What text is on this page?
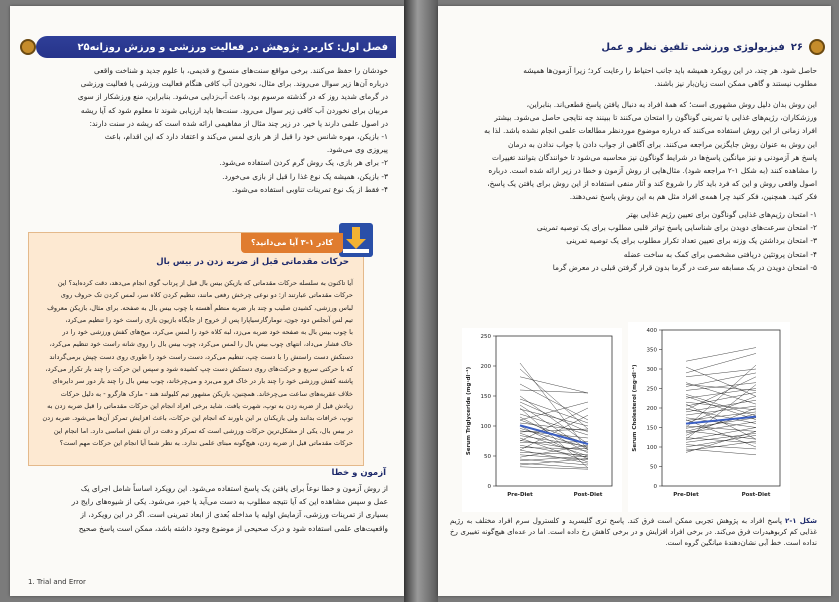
فصل اول: کاربرد پژوهش در فعالیت ورزشی و ورزش روزانه
۲۵
خودشان را حفظ می‌کنند. برخی مواقع سنت‌های منسوخ و قدیمی، با علوم جدید و شناخت واقعی
درباره آن‌ها زیر سوال می‌روند. برای مثال، نخوردن آب کافی هنگام فعالیت ورزشی یا فعالیت ورزشی
در گرمای شدید روز که در گذشته مرسوم بود، باعث آب‌زدایی می‌شود. بنابراین، منع ورزشکار از سوی
مربیان برای نخوردن آب کافی زیر سوال می‌رود. سنت‌ها باید ارزیابی شوند تا معلوم شود که آیا ریشه
در اصول علمی دارند یا خیر. در زیر چند مثال از مفاهیمی ارائه شده است که ریشه در سنت دارند:
۱- بازیکن، مهره شانس خود را قبل از هر بازی لمس می‌کند و اعتقاد دارد که این اقدام، باعث
پیروزی وی می‌شود.
۲- برای هر بازی، یک روش گرم کردن استفاده می‌شود.
۳- بازیکن، همیشه یک نوع غذا را قبل از بازی می‌خورد.
۴- فقط از یک نوع تمرینات تناوبی استفاده می‌شود.
کادر ۱-۳ آیا می‌دانید؟
حرکات مقدماتی قبل از ضربه زدن در بیس بال
آیا تاکنون به سلسله حرکات مقدماتی که بازیکن بیس بال قبل از پرتاب گوی انجام می‌دهد، دقت کرده‌اید؟ این
حرکات مقدماتی عبارتند از: دو نوعی چرخش رفعی مانند، تنظیم کردن کلاه سر، لمس کردن تک حروف روی
لباس ورزشی، کشیدن صلیب و چند بار ضربه منظم آهسته با چوب بیس بال به صفحه. برای مثال، بازیکن معروف
تیم لس آنجلس دود جون، نومارگارسیاپارا پس از خروج از جایگاه بازیون بازی راست خود را تنظیم می‌کرد،
با چوب بیس بال به صفحه خود ضربه می‌زد، لبه کلاه خود را لمس می‌کرد، میخ‌های کفش ورزشی خود را در
خاک فشار می‌داد، انتهای چوب بیس بال را لمس می‌کرد، چوب بیس بال را روی شانه راست خود تنظیم می‌کرد،
دستکش دست راستش را با دست چپ، تنظیم می‌کرد، دست راست خود را طوری روی دست چپش برمی‌گرداند
که با حرکتی سریع و حرکت‌های روی دستکش دست چپ کشیده شود و سپس این حرکت را چند بار تکرار می‌کرد،
پاشنه کفش ورزشی خود را چند بار در خاک فرو می‌برد و می‌چرخاند، چوب بیس بال را چند بار دور سر دایره‌ای
خلاف عقربه‌های ساعت می‌چرخاند. همچنین، بازیکن مشهور تیم کلیولند هند - مارک هارگرو - به دلیل حرکات
زیادش قبل از ضربه زدن به توپ، شهرت یافت. شاید برخی افراد انجام این حرکات مقدماتی را قبل ضربه زدن به
توپ، خرافات بدانند ولی بازیکنان بر این باورند که انجام این حرکات، باعث افزایش تمرکز آن‌ها می‌شود. ضربه زدن
در بیس بال، یکی از مشکل‌ترین حرکات ورزشی است که تمرکز و دقت در آن نقش اساسی دارد. اما انجام این
حرکات مقدماتی قبل از ضربه زدن، هیچ‌گونه مبنای علمی ندارد. به نظر شما آیا انجام این حرکات مهم است؟
آزمون و خطا
از روش آزمون و خطا نوعاً برای یافتن یک پاسخ استفاده می‌شود. این رویکرد اساساً شامل اجرای یک
عمل و سپس مشاهده این که آیا نتیجه مطلوب به دست می‌آید یا خیر، می‌شود. یکی از شیوه‌های رایج در
بسیاری از تمرینات ورزشی، آزمایش اولیه یا مداخله بُعدی از ابعاد تمرینی است. اگر در این رویکرد، از
واقعیت‌های علمی استفاده شود و درک صحیحی از موضوع وجود داشته باشد، ممکن است پاسخ صحیح
1. Trial and Error
۲۶
فیزیولوژی ورزشی تلفیق نظر و عمل
حاصل شود. هر چند، در این رویکرد همیشه باید جانب احتیاط را رعایت کرد؛ زیرا آزمون‌ها همیشه
مطلوب نیستند و گاهی ممکن است زیان‌بار نیز باشند.
این روش بدان دلیل روش مشهوری است؛ که همهٔ افراد به دنبال یافتن پاسخ قطعی‌اند. بنابراین،
ورزشکاران، رژیم‌های غذایی یا تمرینی گوناگون را امتحان می‌کنند تا ببینند چه نتایجی حاصل می‌شود. بیشتر
افراد زمانی از این روش استفاده می‌کنند که درباره موضوع موردنظر مطالعات علمی انجام نشده باشد. لذا به
این روش به عنوان روش جایگزین مراجعه می‌کنند. برای آگاهی از جواب دادن یا جواب ندادن به درمان
پاسخ هر آزمودنی و نیز میانگین پاسخ‌ها در شرایط گوناگون نیز محاسبه می‌شود تا خوانندگان بتوانند تغییرات
را مشاهده کنند (به شکل ۱-۲ مراجعه شود). مثال‌هایی از روش آزمون و خطا در زیر ارائه شده است. درباره
اصول واقعی روش و این که فرد باید کار را شروع کند و آثار منفی استفاده از این روش برای یافتن یک پاسخ،
فکر کنید. همچنین، فکر کنید چرا همه‌ی افراد مثل هم به این روش پاسخ نمی‌دهند.
۱- امتحان رژیم‌های غذایی گوناگون برای تعیین رژیم غذایی بهتر
۲- امتحان سرعت‌های دویدن برای شناسایی پاسخ تواتر قلبی مطلوب برای یک توصیه تمرینی
۳- امتحان برداشتن یک وزنه برای تعیین تعداد تکرار مطلوب برای یک توصیه تمرینی
۴- امتحان پروتئین دریافتی مشخصی برای کمک به ساخت عضله
۵- امتحان دویدن در یک مسابقه سرعت در گرما بدون قرار گرفتن قبلی در معرض گرما
0
50
100
150
200
250
Pre-Diet	Post-Diet
Serum Triglyceride (mg·dl⁻¹)
0
50
100
150
200
250
300
350
400
Pre-Diet	Post-Diet
Serum Cholesterol (mg·dl⁻¹)
شکل ۱-۲ پاسخ افراد به پژوهش تجربی ممکن است فرق کند. پاسخ تری گلیسرید و کلسترول سرم افراد مختلف به رژیم غذایی کم کربوهیدرات فرق می‌کند. در برخی افراد افزایش و در برخی کاهش رخ داده است. اما در عده‌ای هیچ‌گونه تغییری رخ نداده است. خط آبی نشان‌دهندهٔ میانگین گروه است.
